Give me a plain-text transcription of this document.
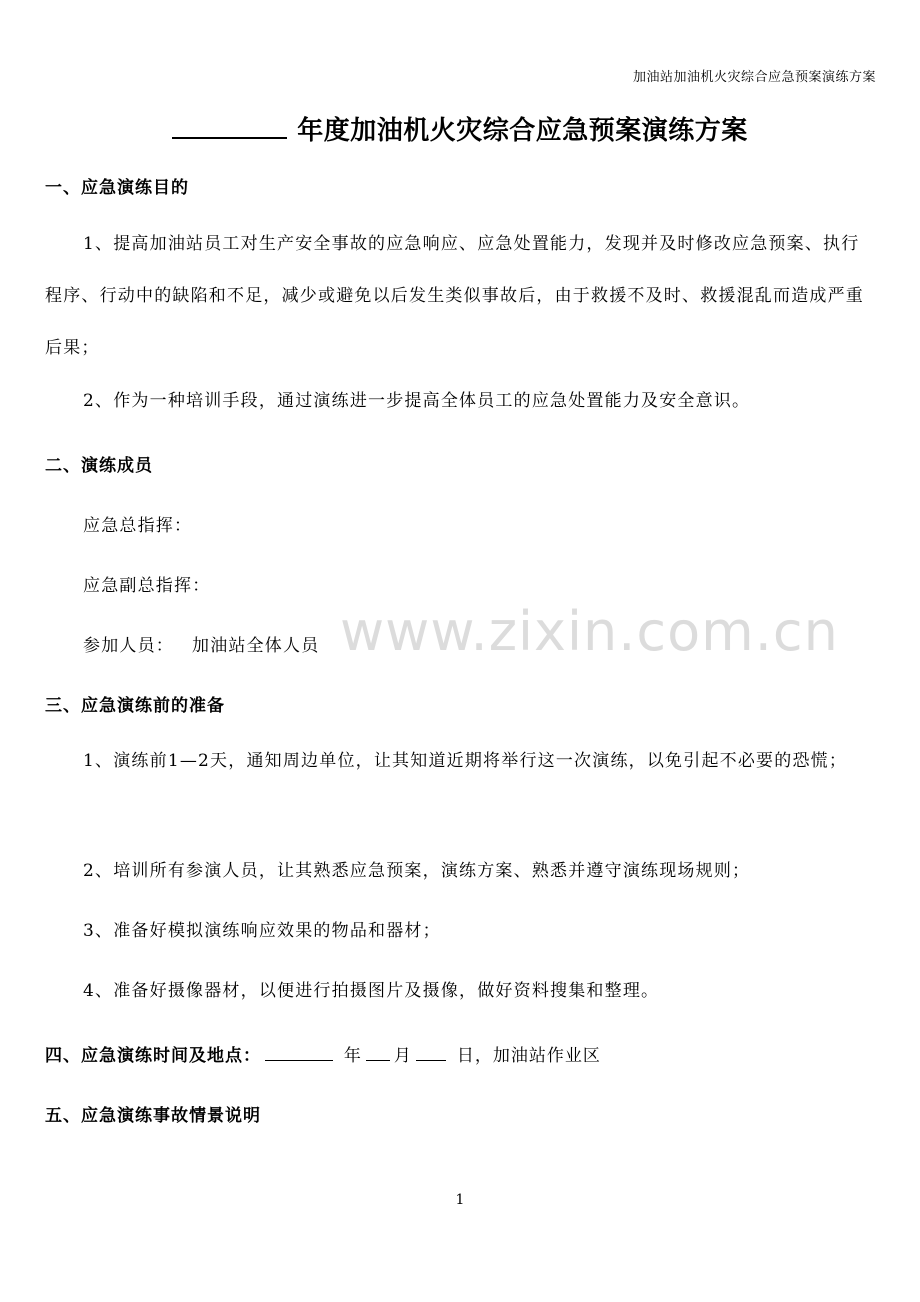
加油站加油机火灾综合应急预案演练方案
年度加油机火灾综合应急预案演练方案
一、应急演练目的

1、提高加油站员工对生产安全事故的应急响应、应急处置能力，发现并及时修改应急预案、执行程序、行动中的缺陷和不足，减少或避免以后发生类似事故后，由于救援不及时、救援混乱而造成严重后果；

2、作为一种培训手段，通过演练进一步提高全体员工的应急处置能力及安全意识。

二、演练成员
应急总指挥：
应急副总指挥：
参加人员： 加油站全体人员 www.zixin.com.cn
三、应急演练前的准备

1、演练前1—2天，通知周边单位，让其知道近期将举行这一次演练，以免引起不必要的恐慌；

2、培训所有参演人员，让其熟悉应急预案，演练方案、熟悉并遵守演练现场规则；

3、准备好模拟演练响应效果的物品和器材；

4、准备好摄像器材，以便进行拍摄图片及摄像，做好资料搜集和整理。

四、应急演练时间及地点：	年 月	日，加油站作业区
五、应急演练事故情景说明
1
